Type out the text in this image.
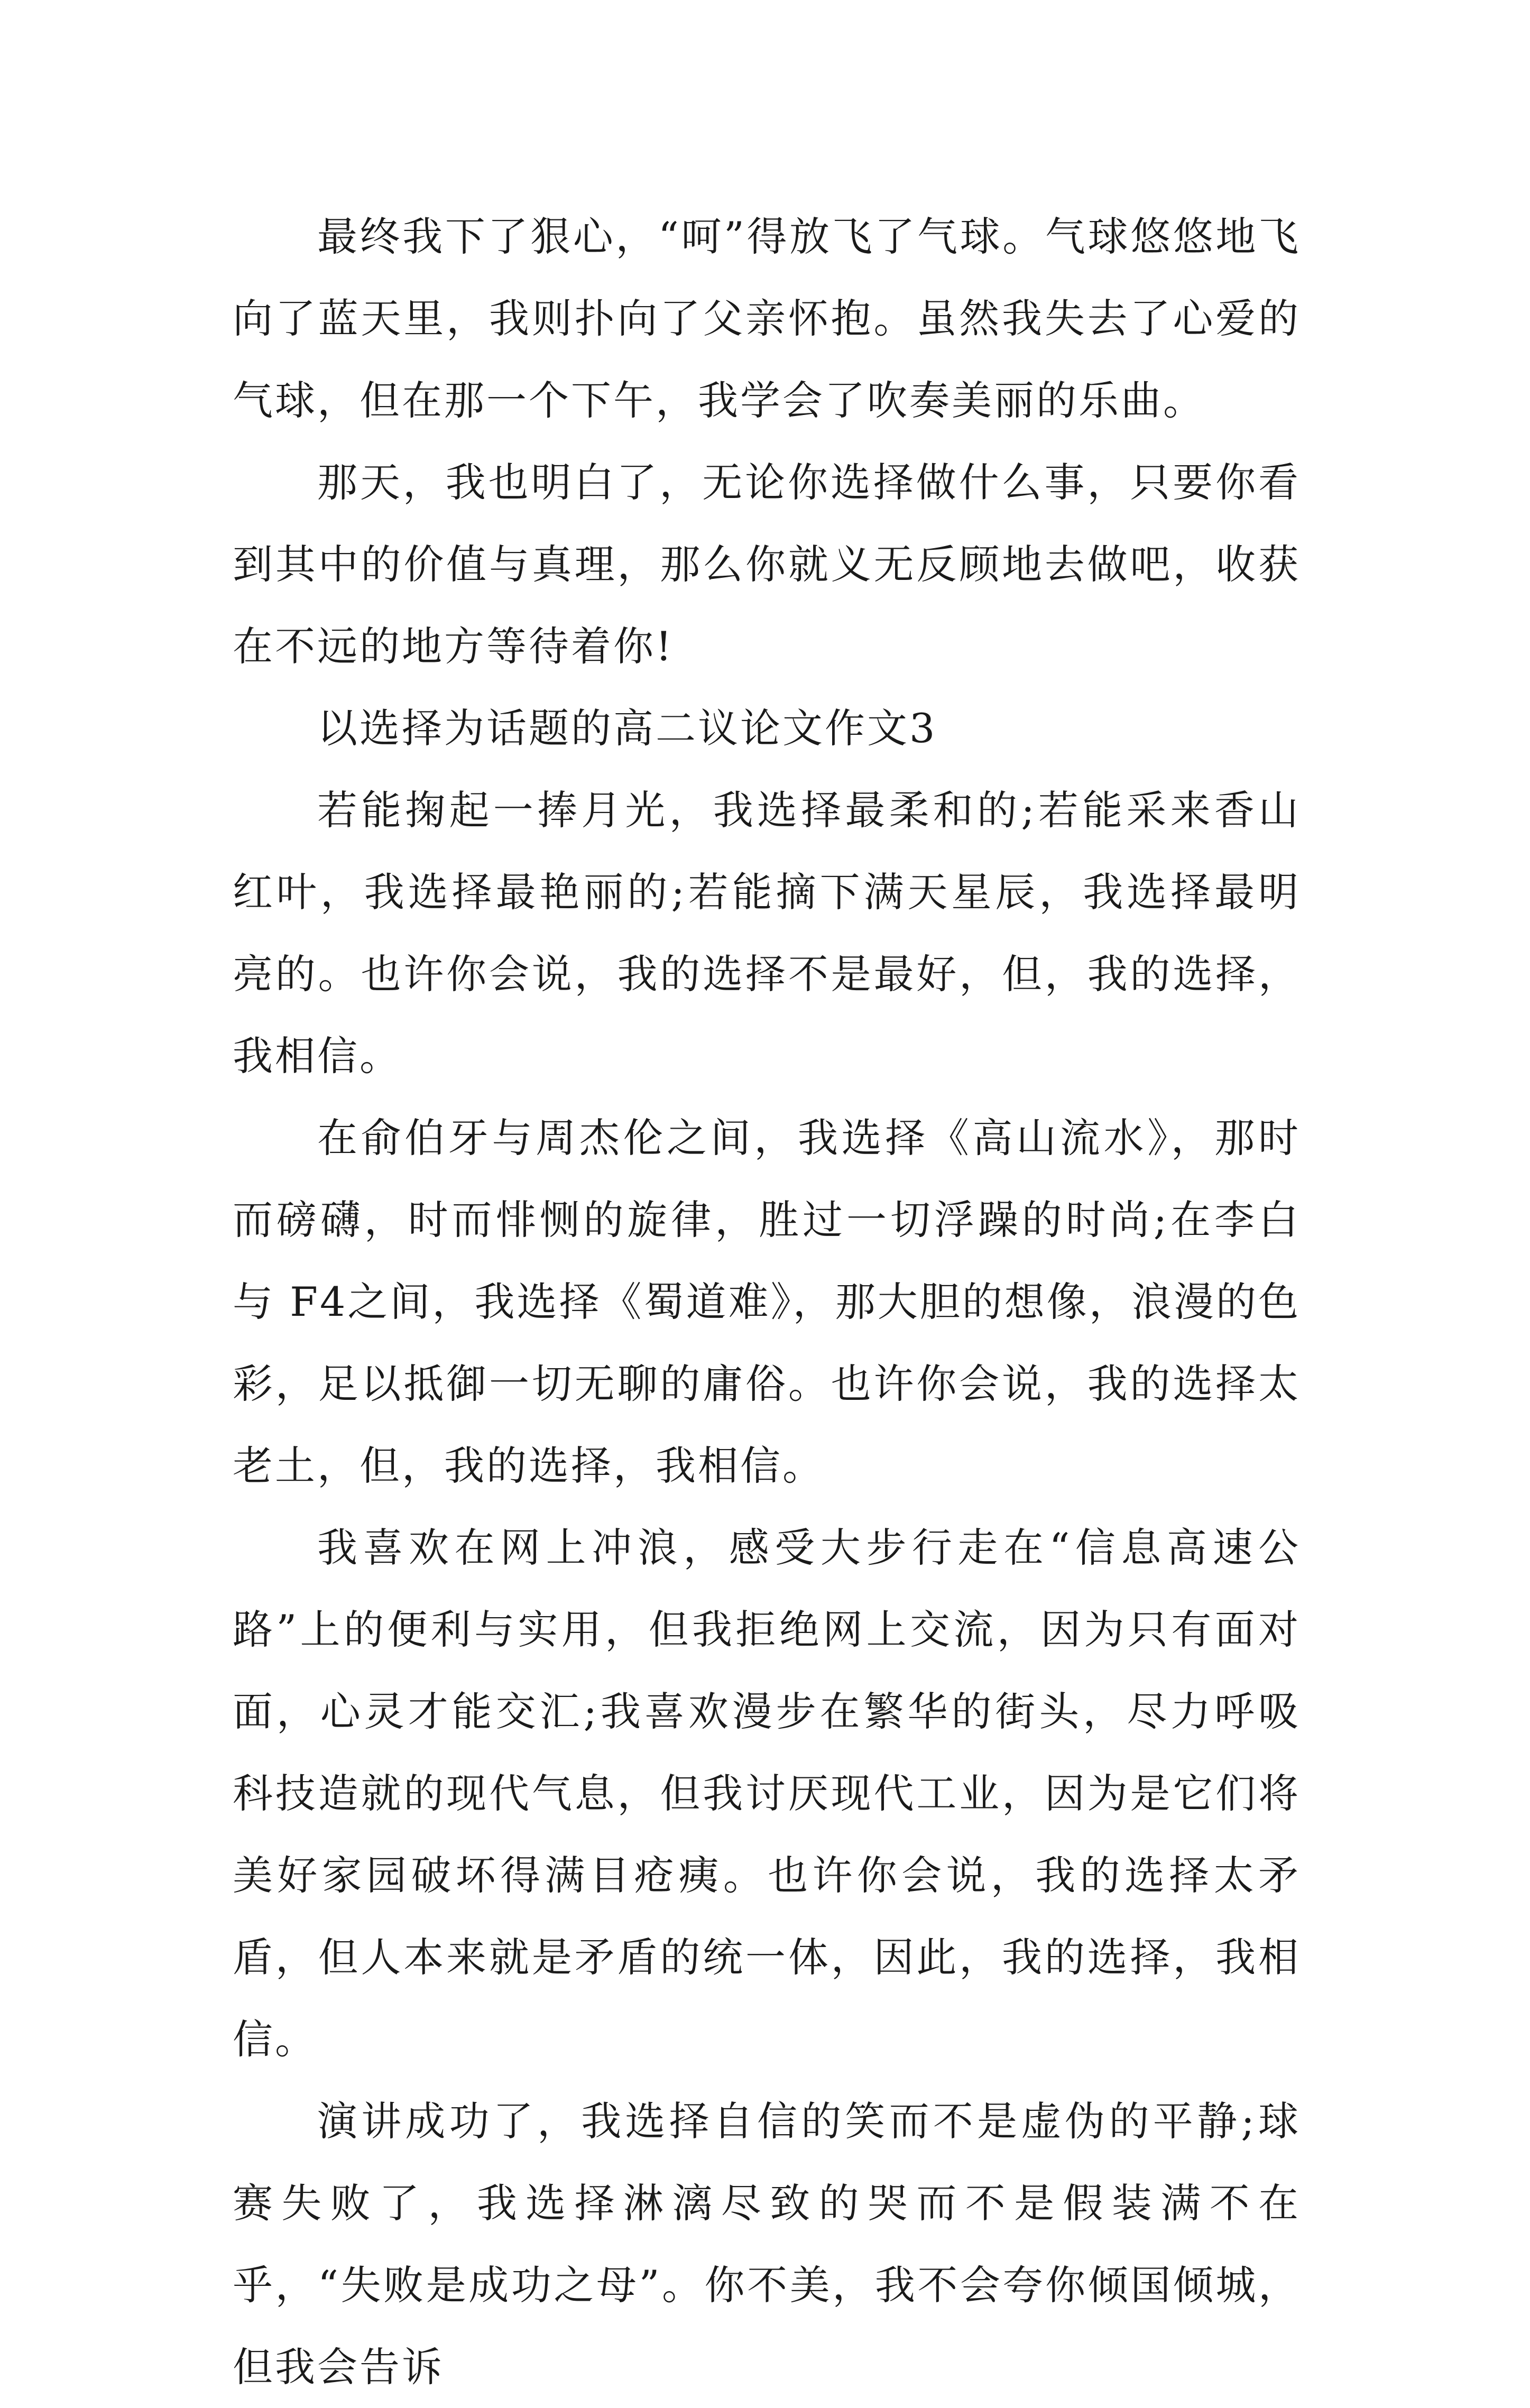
最终我下了狠心，“呵”得放飞了气球。气球悠悠地飞向了蓝天里，我则扑向了父亲怀抱。虽然我失去了心爱的气球，但在那一个下午，我学会了吹奏美丽的乐曲。

那天，我也明白了，无论你选择做什么事，只要你看到其中的价值与真理，那么你就义无反顾地去做吧，收获在不远的地方等待着你!

以选择为话题的高二议论文作文3

若能掬起一捧月光，我选择最柔和的;若能采来香山红叶，我选择最艳丽的;若能摘下满天星辰，我选择最明亮的。也许你会说，我的选择不是最好，但，我的选择，我相信。

在俞伯牙与周杰伦之间，我选择《高山流水》，那时而磅礴，时而悱恻的旋律，胜过一切浮躁的时尚;在李白与 F4之间，我选择《蜀道难》，那大胆的想像，浪漫的色彩，足以抵御一切无聊的庸俗。也许你会说，我的选择太老土，但，我的选择，我相信。

我喜欢在网上冲浪，感受大步行走在“信息高速公路”上的便利与实用，但我拒绝网上交流，因为只有面对面，心灵才能交汇;我喜欢漫步在繁华的街头，尽力呼吸科技造就的现代气息，但我讨厌现代工业，因为是它们将美好家园破坏得满目疮痍。也许你会说，我的选择太矛盾，但人本来就是矛盾的统一体，因此，我的选择，我相信。

演讲成功了，我选择自信的笑而不是虚伪的平静;球赛失败了，我选择淋漓尽致的哭而不是假装满不在乎，“失败是成功之母”。你不美，我不会夸你倾国倾城，但我会告诉
